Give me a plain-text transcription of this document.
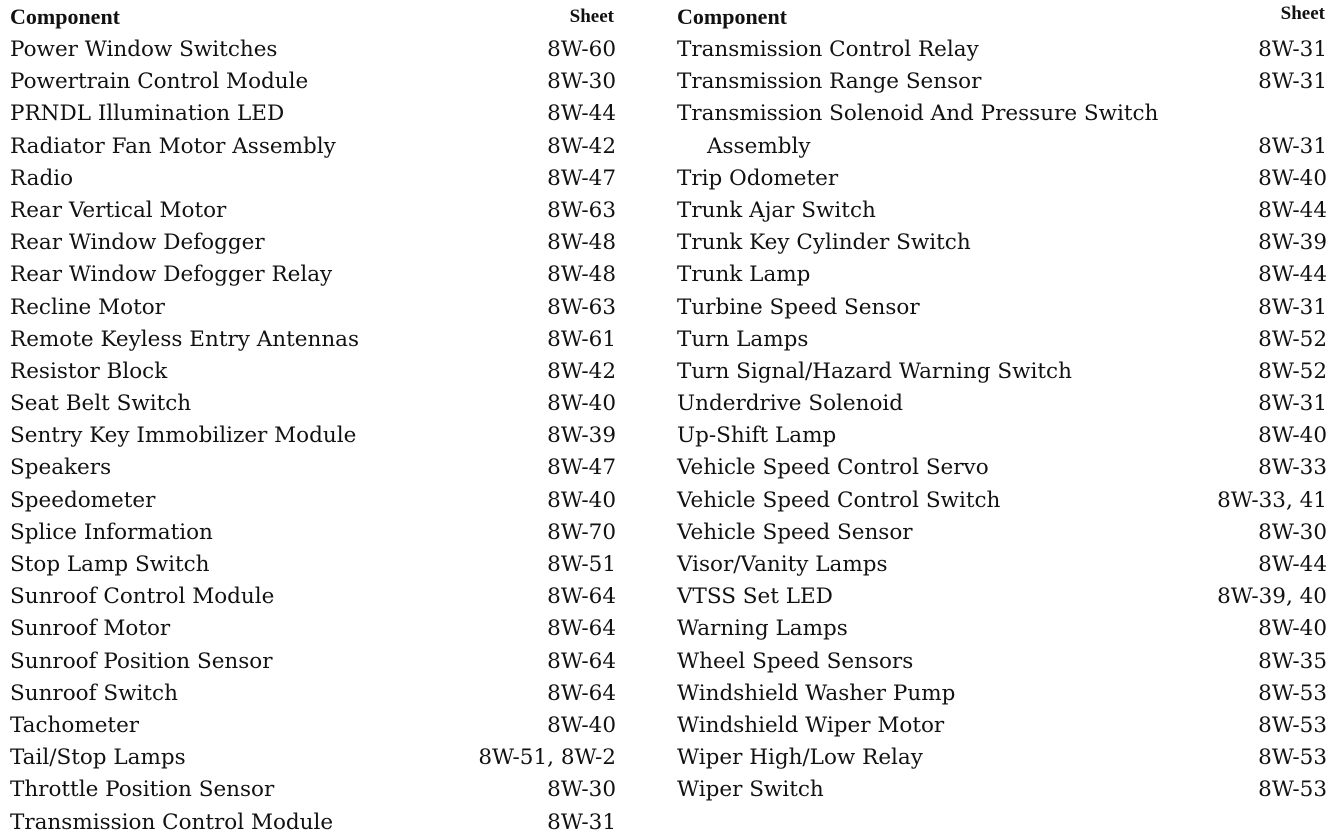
Component	Sheet
Power Window Switches . . .	8W-60
Powertrain Control Module . . .	8W-30
PRNDL Illumination LED . . .	8W-44
Radiator Fan Motor Assembly . . .	8W-42
Radio . . .	8W-47
Rear Vertical Motor . . .	8W-63
Rear Window Defogger . . .	8W-48
Rear Window Defogger Relay . . .	8W-48
Recline Motor . . .	8W-63
Remote Keyless Entry Antennas . . .	8W-61
Resistor Block . . .	8W-42
Seat Belt Switch . . .	8W-40
Sentry Key Immobilizer Module . . .	8W-39
Speakers . . .	8W-47
Speedometer . . .	8W-40
Splice Information . . .	8W-70
Stop Lamp Switch . . .	8W-51
Sunroof Control Module . . .	8W-64
Sunroof Motor . . .	8W-64
Sunroof Position Sensor . . .	8W-64
Sunroof Switch . . .	8W-64
Tachometer . . .	8W-40
Tail/Stop Lamps . . .	8W-51, 8W-2
Throttle Position Sensor . . .	8W-30
Transmission Control Module . . .	8W-31
Component	Sheet
Transmission Control Relay . . .	8W-31
Transmission Range Sensor . . .	8W-31
Transmission Solenoid And Pressure Switch
Assembly . . .	8W-31
Trip Odometer . . .	8W-40
Trunk Ajar Switch . . .	8W-44
Trunk Key Cylinder Switch . . .	8W-39
Trunk Lamp . . .	8W-44
Turbine Speed Sensor . . .	8W-31
Turn Lamps . . .	8W-52
Turn Signal/Hazard Warning Switch . . .	8W-52
Underdrive Solenoid . . .	8W-31
Up-Shift Lamp . . .	8W-40
Vehicle Speed Control Servo . . .	8W-33
Vehicle Speed Control Switch . . .	8W-33, 41
Vehicle Speed Sensor . . .	8W-30
Visor/Vanity Lamps . . .	8W-44
VTSS Set LED . . .	8W-39, 40
Warning Lamps . . .	8W-40
Wheel Speed Sensors . . .	8W-35
Windshield Washer Pump . . .	8W-53
Windshield Wiper Motor . . .	8W-53
Wiper High/Low Relay . . .	8W-53
Wiper Switch . . .	8W-53
